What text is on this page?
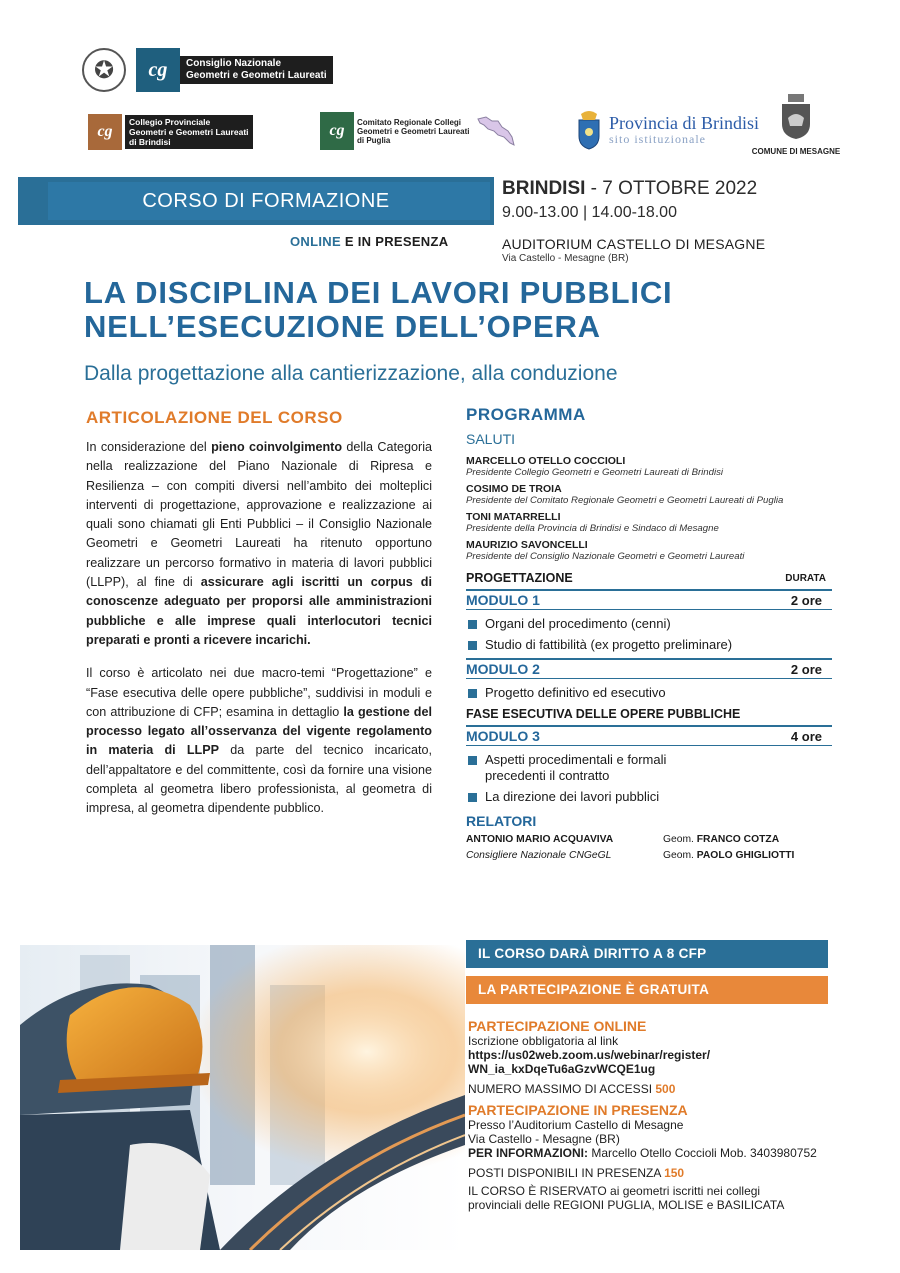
✪	cg	Consiglio Nazionale
Geometri e Geometri Laureati
cg
Collegio Provinciale
Geometri e Geometri Laureati
di Brindisi
cg	Comitato Regionale Collegi
Geometri e Geometri Laureati
di Puglia
Provincia di Brindisi
sito istituzionale
COMUNE DI MESAGNE
CORSO DI FORMAZIONE
ONLINE E IN PRESENZA
BRINDISI - 7 OTTOBRE 2022
9.00-13.00 | 14.00-18.00
AUDITORIUM CASTELLO DI MESAGNE
Via Castello - Mesagne (BR)
LA DISCIPLINA DEI LAVORI PUBBLICI
NELL’ESECUZIONE DELL’OPERA
Dalla progettazione alla cantierizzazione, alla conduzione
ARTICOLAZIONE DEL CORSO

In considerazione del pieno coinvolgimento della Categoria nella realizzazione del Piano Nazionale di Ripresa e Resilienza – con compiti diversi nell’ambito dei molteplici interventi di progettazione, approvazione e realizzazione ai quali sono chiamati gli Enti Pubblici – il Consiglio Nazionale Geometri e Geometri Laureati ha ritenuto opportuno realizzare un percorso formativo in materia di lavori pubblici (LLPP), al fine di assicurare agli iscritti un corpus di conoscenze adeguato per proporsi alle amministrazioni pubbliche e alle imprese quali interlocutori tecnici preparati e pronti a ricevere incarichi.

Il corso è articolato nei due macro-temi “Progettazione” e “Fase esecutiva delle opere pubbliche”, suddivisi in moduli e con attribuzione di CFP; esamina in dettaglio la gestione del processo legato all’osservanza del vigente regolamento in materia di LLPP da parte del tecnico incaricato, dell’appaltatore e del committente, così da fornire una visione completa al geometra libero professionista, al geometra di impresa, al geometra dipendente pubblico.

PROGRAMMA
SALUTI
MARCELLO OTELLO COCCIOLI
Presidente Collegio Geometri e Geometri Laureati di Brindisi
COSIMO DE TROIA
Presidente del Comitato Regionale Geometri e Geometri Laureati di Puglia
TONI MATARRELLI
Presidente della Provincia di Brindisi e Sindaco di Mesagne
MAURIZIO SAVONCELLI
Presidente del Consiglio Nazionale Geometri e Geometri Laureati
PROGETTAZIONE	DURATA
MODULO 1	2 ore
Organi del procedimento (cenni)
Studio di fattibilità (ex progetto preliminare)
MODULO 2	2 ore
Progetto definitivo ed esecutivo
FASE ESECUTIVA DELLE OPERE PUBBLICHE
MODULO 3	4 ore
Aspetti procedimentali e formali precedenti il contratto
La direzione dei lavori pubblici
RELATORI
ANTONIO MARIO ACQUAVIVA	Geom. FRANCO COTZA
Consigliere Nazionale CNGeGL	Geom. PAOLO GHIGLIOTTI
IL CORSO DARÀ DIRITTO A 8 CFP
LA PARTECIPAZIONE È GRATUITA
PARTECIPAZIONE ONLINE
Iscrizione obbligatoria al link
https://us02web.zoom.us/webinar/register/
WN_ia_kxDqeTu6aGzvWCQE1ug
NUMERO MASSIMO DI ACCESSI 500
PARTECIPAZIONE IN PRESENZA
Presso l’Auditorium Castello di Mesagne
Via Castello - Mesagne (BR)
PER INFORMAZIONI: Marcello Otello Coccioli Mob. 3403980752
POSTI DISPONIBILI IN PRESENZA 150
IL CORSO È RISERVATO ai geometri iscritti nei collegi
provinciali delle REGIONI PUGLIA, MOLISE e BASILICATA
